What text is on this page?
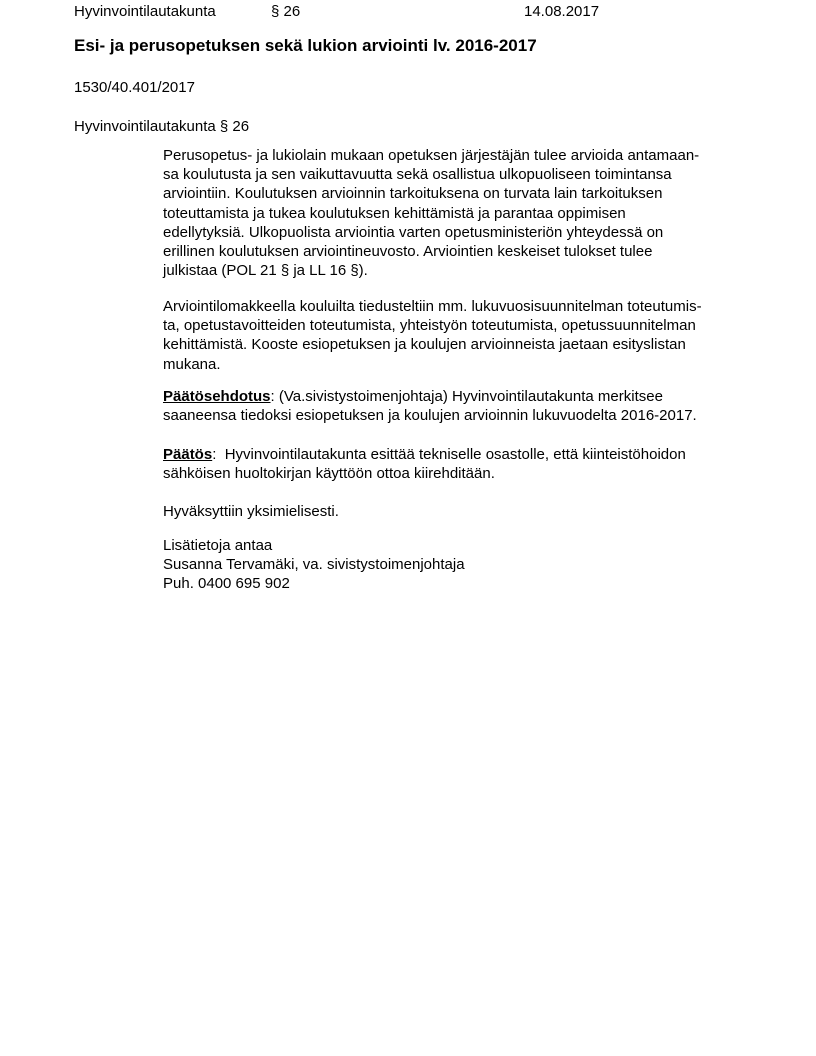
Hyvinvointilautakunta	§ 26	14.08.2017
Esi- ja perusopetuksen sekä lukion arviointi lv. 2016-2017
1530/40.401/2017
Hyvinvointilautakunta § 26

Perusopetus- ja lukiolain mukaan opetuksen järjestäjän tulee arvioida antamaan-
sa koulutusta ja sen vaikuttavuutta sekä osallistua ulkopuoliseen toimintansa
arviointiin. Koulutuksen arvioinnin tarkoituksena on turvata lain tarkoituksen
toteuttamista ja tukea koulutuksen kehittämistä ja parantaa oppimisen
edellytyksiä. Ulkopuolista arviointia varten opetusministeriön yhteydessä on
erillinen koulutuksen arviointineuvosto. Arviointien keskeiset tulokset tulee
julkistaa (POL 21 § ja LL 16 §).

Arviointilomakkeella kouluilta tiedusteltiin mm. lukuvuosisuunnitelman toteutumis-
ta, opetustavoitteiden toteutumista, yhteistyön toteutumista, opetussuunnitelman
kehittämistä. Kooste esiopetuksen ja koulujen arvioinneista jaetaan esityslistan
mukana.

Päätösehdotus: (Va.sivistystoimenjohtaja) Hyvinvointilautakunta merkitsee
saaneensa tiedoksi esiopetuksen ja koulujen arvioinnin lukuvuodelta 2016-2017.

Päätös:  Hyvinvointilautakunta esittää tekniselle osastolle, että kiinteistöhoidon
sähköisen huoltokirjan käyttöön ottoa kiirehditään.

Hyväksyttiin yksimielisesti.

Lisätietoja antaa
Susanna Tervamäki, va. sivistystoimenjohtaja
Puh. 0400 695 902
